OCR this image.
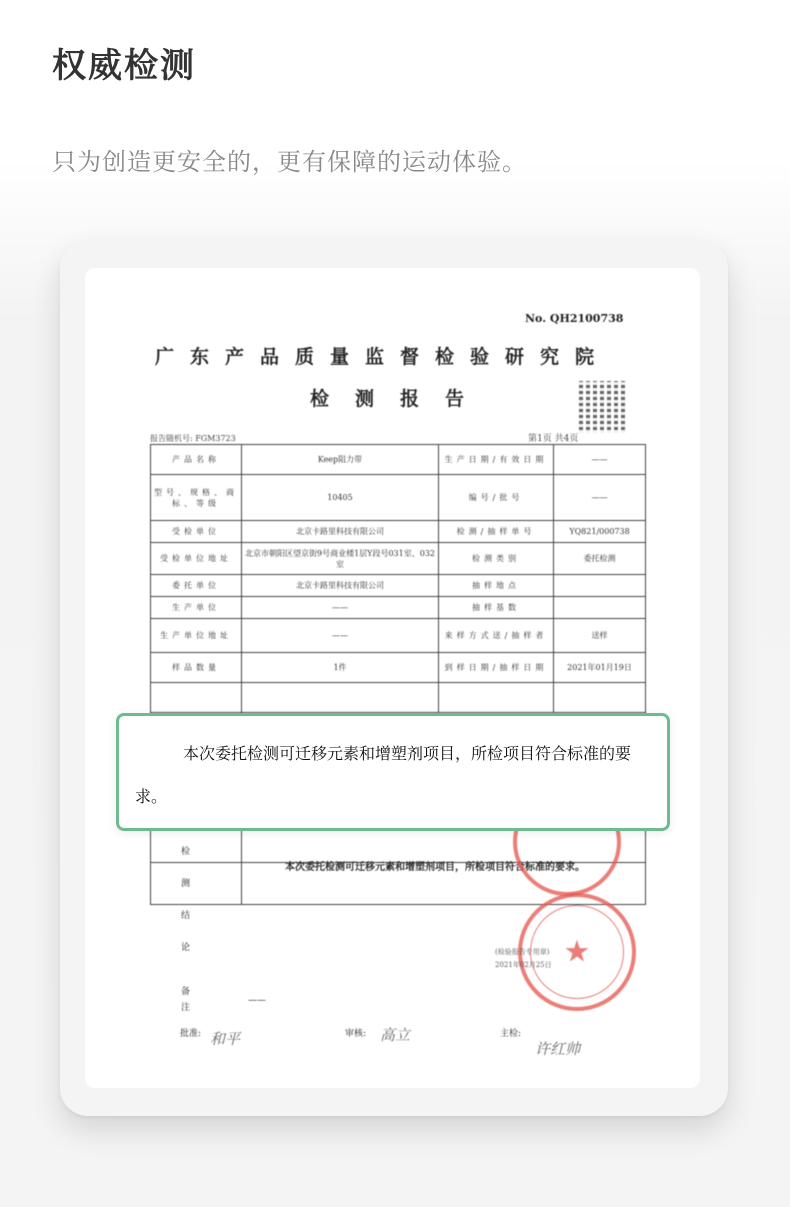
权威检测
只为创造更安全的，更有保障的运动体验。
No. QH2100738
广东产品质量监督检验研究院
检测报告
报告随机号: FGM3723	第1页 共4页
产品名称	Keep阻力带	生产日期/有效日期	——
型号、规格、商标、等级	10405	编号/批号	——
受检单位	北京卡路里科技有限公司	检测/抽样单号	YQ821/000738
受检单位地址	北京市朝阳区望京街9号商业楼1层Y段号031室、032室	检测类别	委托检测
委托单位	北京卡路里科技有限公司	抽样地点	
生产单位	——	抽样基数	
生产单位地址	——	来样方式送/抽样者	送样
样品数量	1件	到样日期/抽样日期	2021年01月19日

检测结论
本次委托检测可迁移元素和增塑剂项目，所检项目符合标准的要求。
★
(检验报告专用章)
2021年02月25日
备注
——
批准:	审核:	主检:
和平	高立
许红帅
本次委托检测可迁移元素和增塑剂项目，所检项目符合标准的要求。
